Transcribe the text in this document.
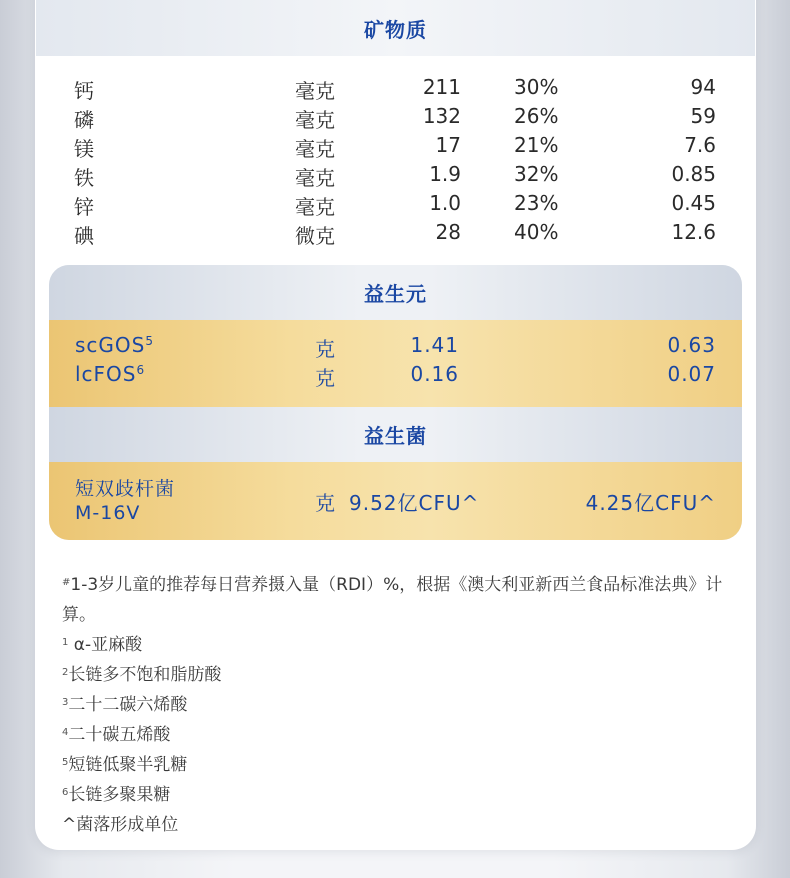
矿物质
钙	毫克	211	30%	94
磷	毫克	132	26%	59
镁	毫克	17	21%	7.6
铁	毫克	1.9	32%	0.85
锌	毫克	1.0	23%	0.45
碘	微克	28	40%	12.6
益生元
scGOS$^5$	克	1.41	0.63
lcFOS$^6$	克	0.16	0.07
益生菌
短双歧杆菌
M-16V	克 9.52亿CFU^	4.25亿CFU^
#1-3岁儿童的推荐每日营养摄入量（RDI）%，根据《澳大利亚新西兰食品标准法典》计算。
$^1$ α-亚麻酸
$^2$长链多不饱和脂肪酸
$^3$二十二碳六烯酸
$^4$二十碳五烯酸
$^5$短链低聚半乳糖
$^6$长链多聚果糖
^菌落形成单位
